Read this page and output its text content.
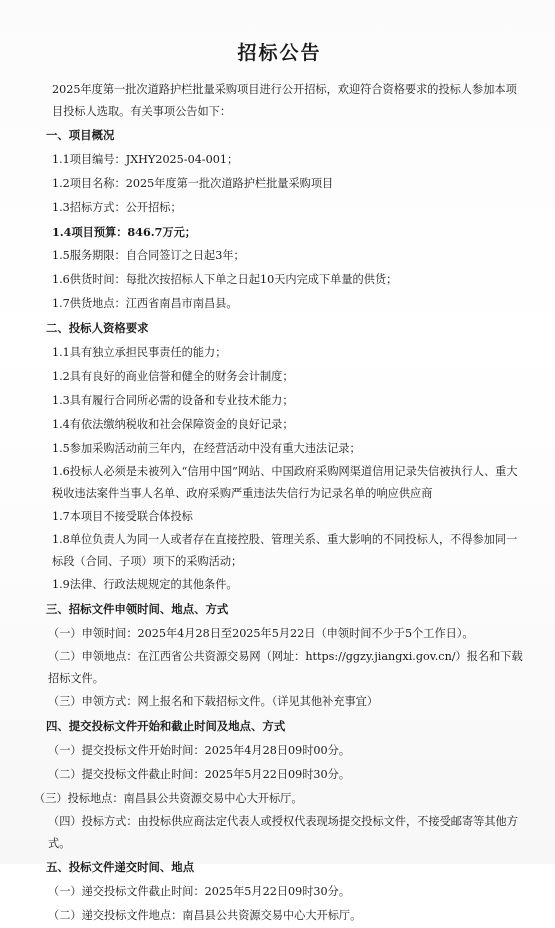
招标公告
2025年度第一批次道路护栏批量采购项目进行公开招标，欢迎符合资格要求的投标人参加本项目投标人选取。有关事项公告如下：
一、项目概况
1.1项目编号：JXHY2025-04-001；
1.2项目名称：2025年度第一批次道路护栏批量采购项目
1.3招标方式：公开招标；
1.4项目预算：846.7万元；
1.5服务期限：自合同签订之日起3年；
1.6供货时间：每批次按招标人下单之日起10天内完成下单量的供货；
1.7供货地点：江西省南昌市南昌县。
二、投标人资格要求
1.1具有独立承担民事责任的能力；
1.2具有良好的商业信誉和健全的财务会计制度；
1.3具有履行合同所必需的设备和专业技术能力；
1.4有依法缴纳税收和社会保障资金的良好记录；
1.5参加采购活动前三年内，在经营活动中没有重大违法记录；
1.6投标人必须是未被列入“信用中国”网站、中国政府采购网渠道信用记录失信被执行人、重大税收违法案件当事人名单、政府采购严重违法失信行为记录名单的响应供应商
1.7本项目不接受联合体投标
1.8单位负责人为同一人或者存在直接控股、管理关系、重大影响的不同投标人，不得参加同一标段（合同、子项）项下的采购活动；
1.9法律、行政法规规定的其他条件。
三、招标文件申领时间、地点、方式
（一）申领时间：2025年4月28日至2025年5月22日（申领时间不少于5个工作日）。
（二）申领地点：在江西省公共资源交易网（网址：https://ggzy.jiangxi.gov.cn/）报名和下载招标文件。
（三）申领方式：网上报名和下载招标文件。（详见其他补充事宜）
四、提交投标文件开始和截止时间及地点、方式
（一）提交投标文件开始时间：2025年4月28日09时00分。
（二）提交投标文件截止时间：2025年5月22日09时30分。
（三）投标地点：南昌县公共资源交易中心大开标厅。
（四）投标方式：由投标供应商法定代表人或授权代表现场提交投标文件，不接受邮寄等其他方式。
五、投标文件递交时间、地点
（一）递交投标文件截止时间：2025年5月22日09时30分。
（二）递交投标文件地点：南昌县公共资源交易中心大开标厅。
